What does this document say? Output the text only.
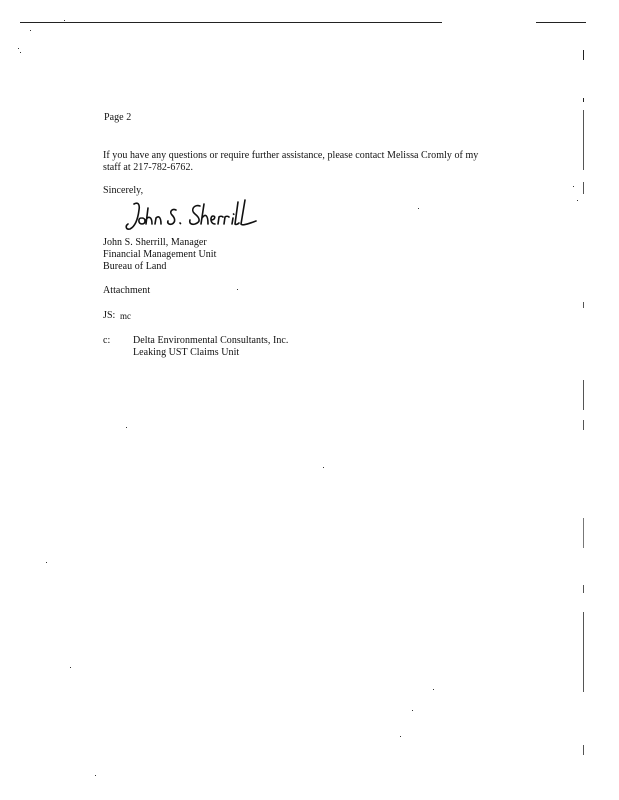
Page 2
If you have any questions or require further assistance, please contact Melissa Cromly of my
staff at 217-782-6762.
Sincerely,
John S. Sherrill, Manager
Financial Management Unit
Bureau of Land
Attachment
JS: mc
c: Delta Environmental Consultants, Inc.
Leaking UST Claims Unit
